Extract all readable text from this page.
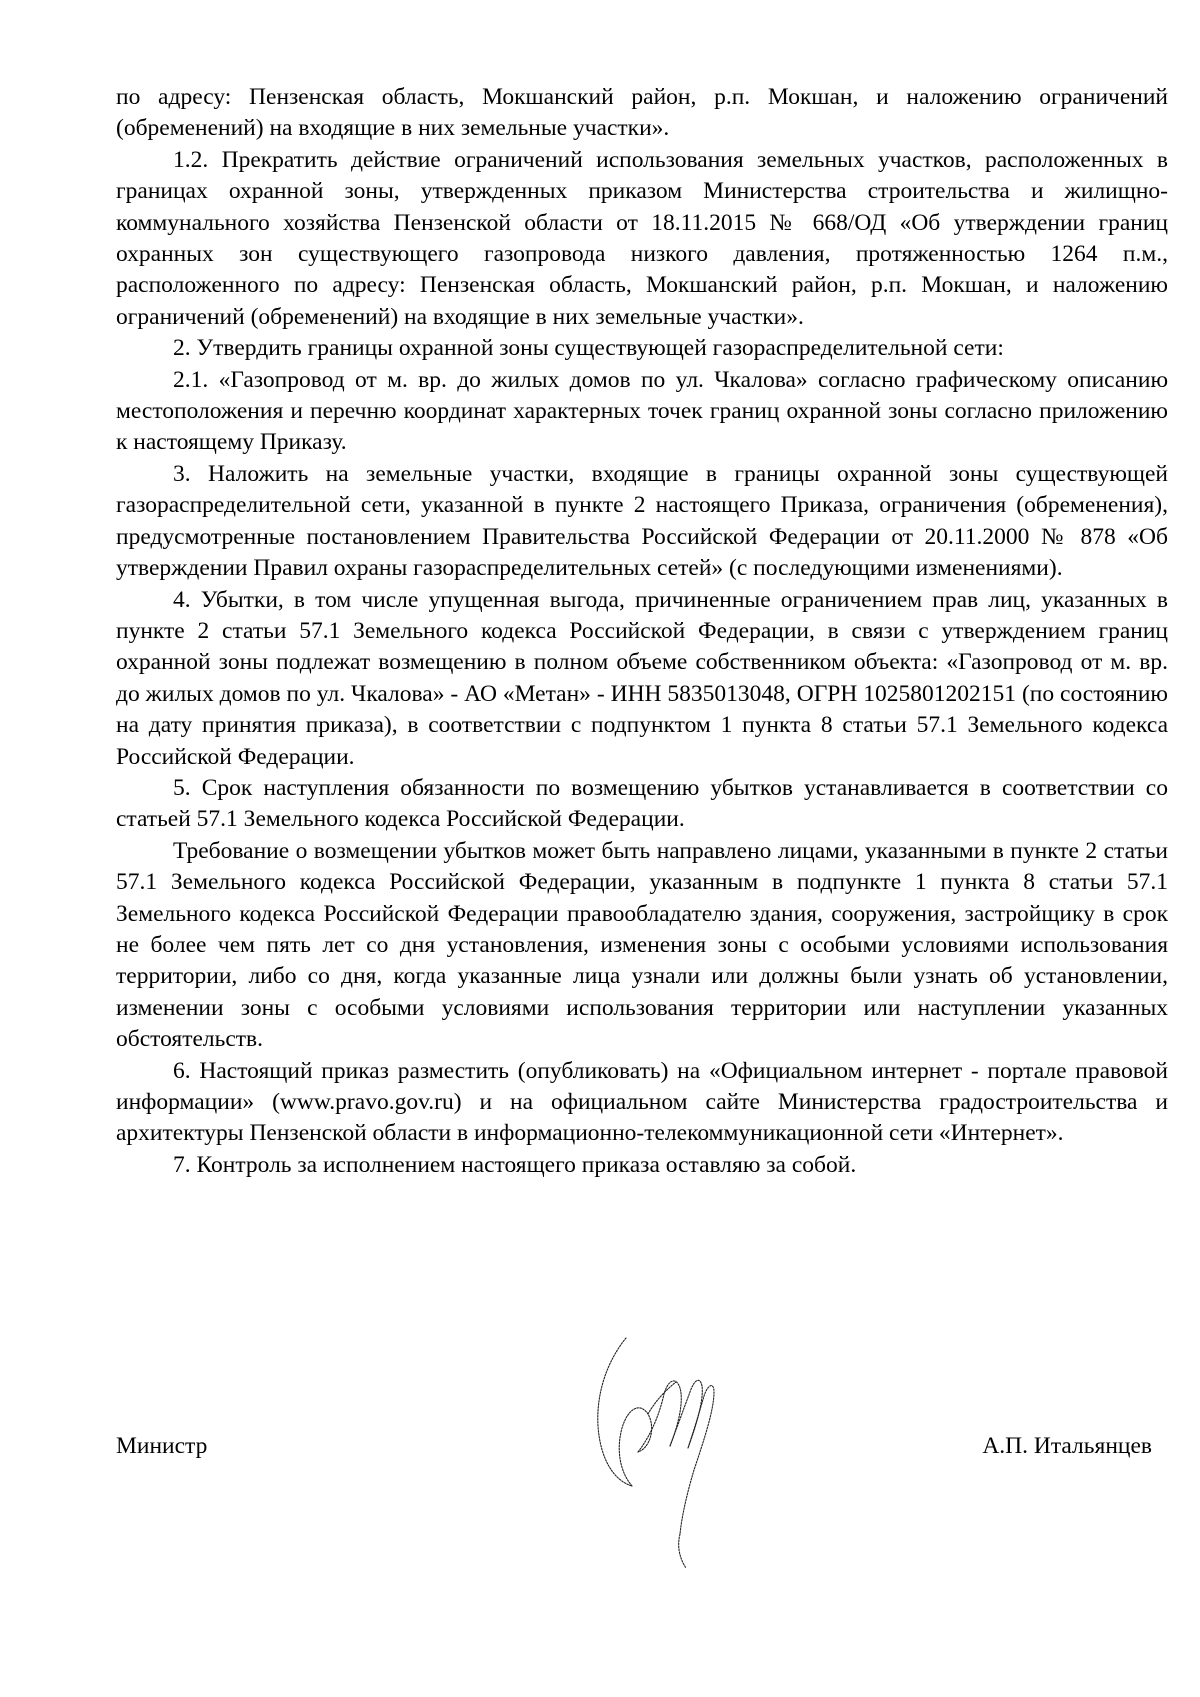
по адресу: Пензенская область, Мокшанский район, р.п. Мокшан, и наложению ограничений (обременений) на входящие в них земельные участки».

1.2. Прекратить действие ограничений использования земельных участков, расположенных в границах охранной зоны, утвержденных приказом Министерства строительства и жилищно-коммунального хозяйства Пензенской области от 18.11.2015 № 668/ОД «Об утверждении границ охранных зон существующего газопровода низкого давления, протяженностью 1264 п.м., расположенного по адресу: Пензенская область, Мокшанский район, р.п. Мокшан, и наложению ограничений (обременений) на входящие в них земельные участки».

2. Утвердить границы охранной зоны существующей газораспределительной сети:

2.1. «Газопровод от м. вр. до жилых домов по ул. Чкалова» согласно графическому описанию местоположения и перечню координат характерных точек границ охранной зоны согласно приложению к настоящему Приказу.

3. Наложить на земельные участки, входящие в границы охранной зоны существующей газораспределительной сети, указанной в пункте 2 настоящего Приказа, ограничения (обременения), предусмотренные постановлением Правительства Российской Федерации от 20.11.2000 № 878 «Об утверждении Правил охраны газораспределительных сетей» (с последующими изменениями).

4. Убытки, в том числе упущенная выгода, причиненные ограничением прав лиц, указанных в пункте 2 статьи 57.1 Земельного кодекса Российской Федерации, в связи с утверждением границ охранной зоны подлежат возмещению в полном объеме собственником объекта: «Газопровод от м. вр. до жилых домов по ул. Чкалова» - АО «Метан» - ИНН 5835013048, ОГРН 1025801202151 (по состоянию на дату принятия приказа), в соответствии с подпунктом 1 пункта 8 статьи 57.1 Земельного кодекса Российской Федерации.

5. Срок наступления обязанности по возмещению убытков устанавливается в соответствии со статьей 57.1 Земельного кодекса Российской Федерации.

Требование о возмещении убытков может быть направлено лицами, указанными в пункте 2 статьи 57.1 Земельного кодекса Российской Федерации, указанным в подпункте 1 пункта 8 статьи 57.1 Земельного кодекса Российской Федерации правообладателю здания, сооружения, застройщику в срок не более чем пять лет со дня установления, изменения зоны с особыми условиями использования территории, либо со дня, когда указанные лица узнали или должны были узнать об установлении, изменении зоны с особыми условиями использования территории или наступлении указанных обстоятельств.

6. Настоящий приказ разместить (опубликовать) на «Официальном интернет - портале правовой информации» (www.pravo.gov.ru) и на официальном сайте Министерства градостроительства и архитектуры Пензенской области в информационно-телекоммуникационной сети «Интернет».

7. Контроль за исполнением настоящего приказа оставляю за собой.

Министр	А.П. Итальянцев
